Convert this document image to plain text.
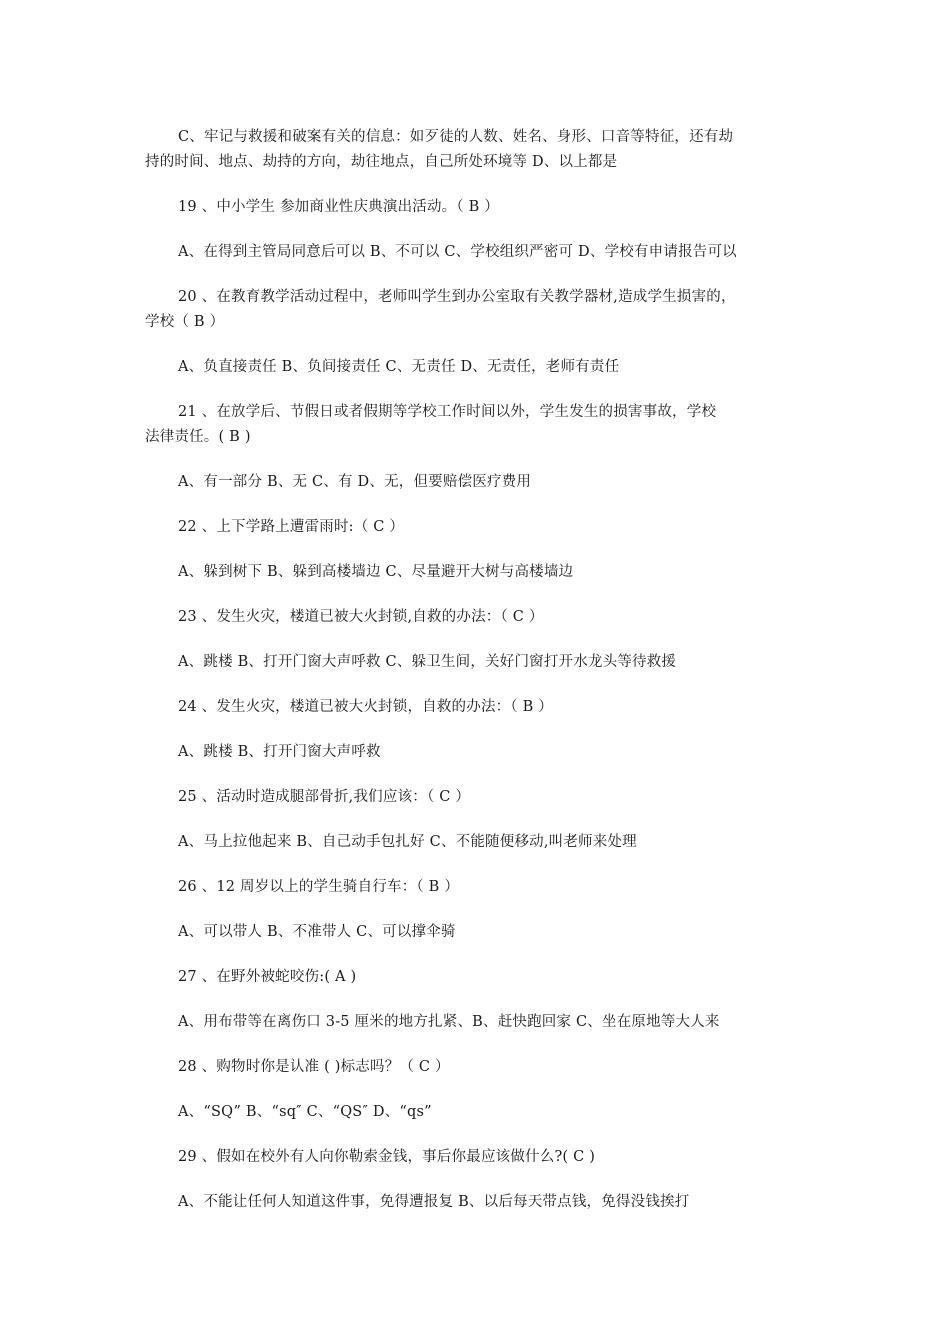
C、牢记与救援和破案有关的信息：如歹徒的人数、姓名、身形、口音等特征，还有劫
持的时间、地点、劫持的方向，劫往地点，自己所处环境等 D、以上都是
19 、中小学生 参加商业性庆典演出活动。（ B ）
A、在得到主管局同意后可以 B、不可以 C、学校组织严密可 D、学校有申请报告可以
20 、在教育教学活动过程中，老师叫学生到办公室取有关教学器材,造成学生损害的，
学校（ B ）
A、负直接责任 B、负间接责任 C、无责任 D、无责任，老师有责任
21 、在放学后、节假日或者假期等学校工作时间以外，学生发生的损害事故，学校
法律责任。( B )
A、有一部分 B、无 C、有 D、无，但要赔偿医疗费用
22 、上下学路上遭雷雨时:（ C ）
A、躲到树下 B、躲到高楼墙边 C、尽量避开大树与高楼墙边
23 、发生火灾，楼道已被大火封锁,自救的办法：（ C ）
A、跳楼 B、打开门窗大声呼救 C、躲卫生间，关好门窗打开水龙头等待救援
24 、发生火灾，楼道已被大火封锁，自救的办法：（ B ）
A、跳楼 B、打开门窗大声呼救
25 、活动时造成腿部骨折,我们应该：（ C ）
A、马上拉他起来 B、自己动手包扎好 C、不能随便移动,叫老师来处理
26 、12 周岁以上的学生骑自行车：（ B ）
A、可以带人 B、不准带人 C、可以撑伞骑
27 、在野外被蛇咬伤:( A )
A、用布带等在离伤口 3-5 厘米的地方扎紧、B、赶快跑回家 C、坐在原地等大人来
28 、购物时你是认准 ( )标志吗？（ C ）
A、“SQ” B、“sq″ C、“QS″ D、“qs”
29 、假如在校外有人向你勒索金钱，事后你最应该做什么?( C )
A、不能让任何人知道这件事，免得遭报复 B、以后每天带点钱，免得没钱挨打
